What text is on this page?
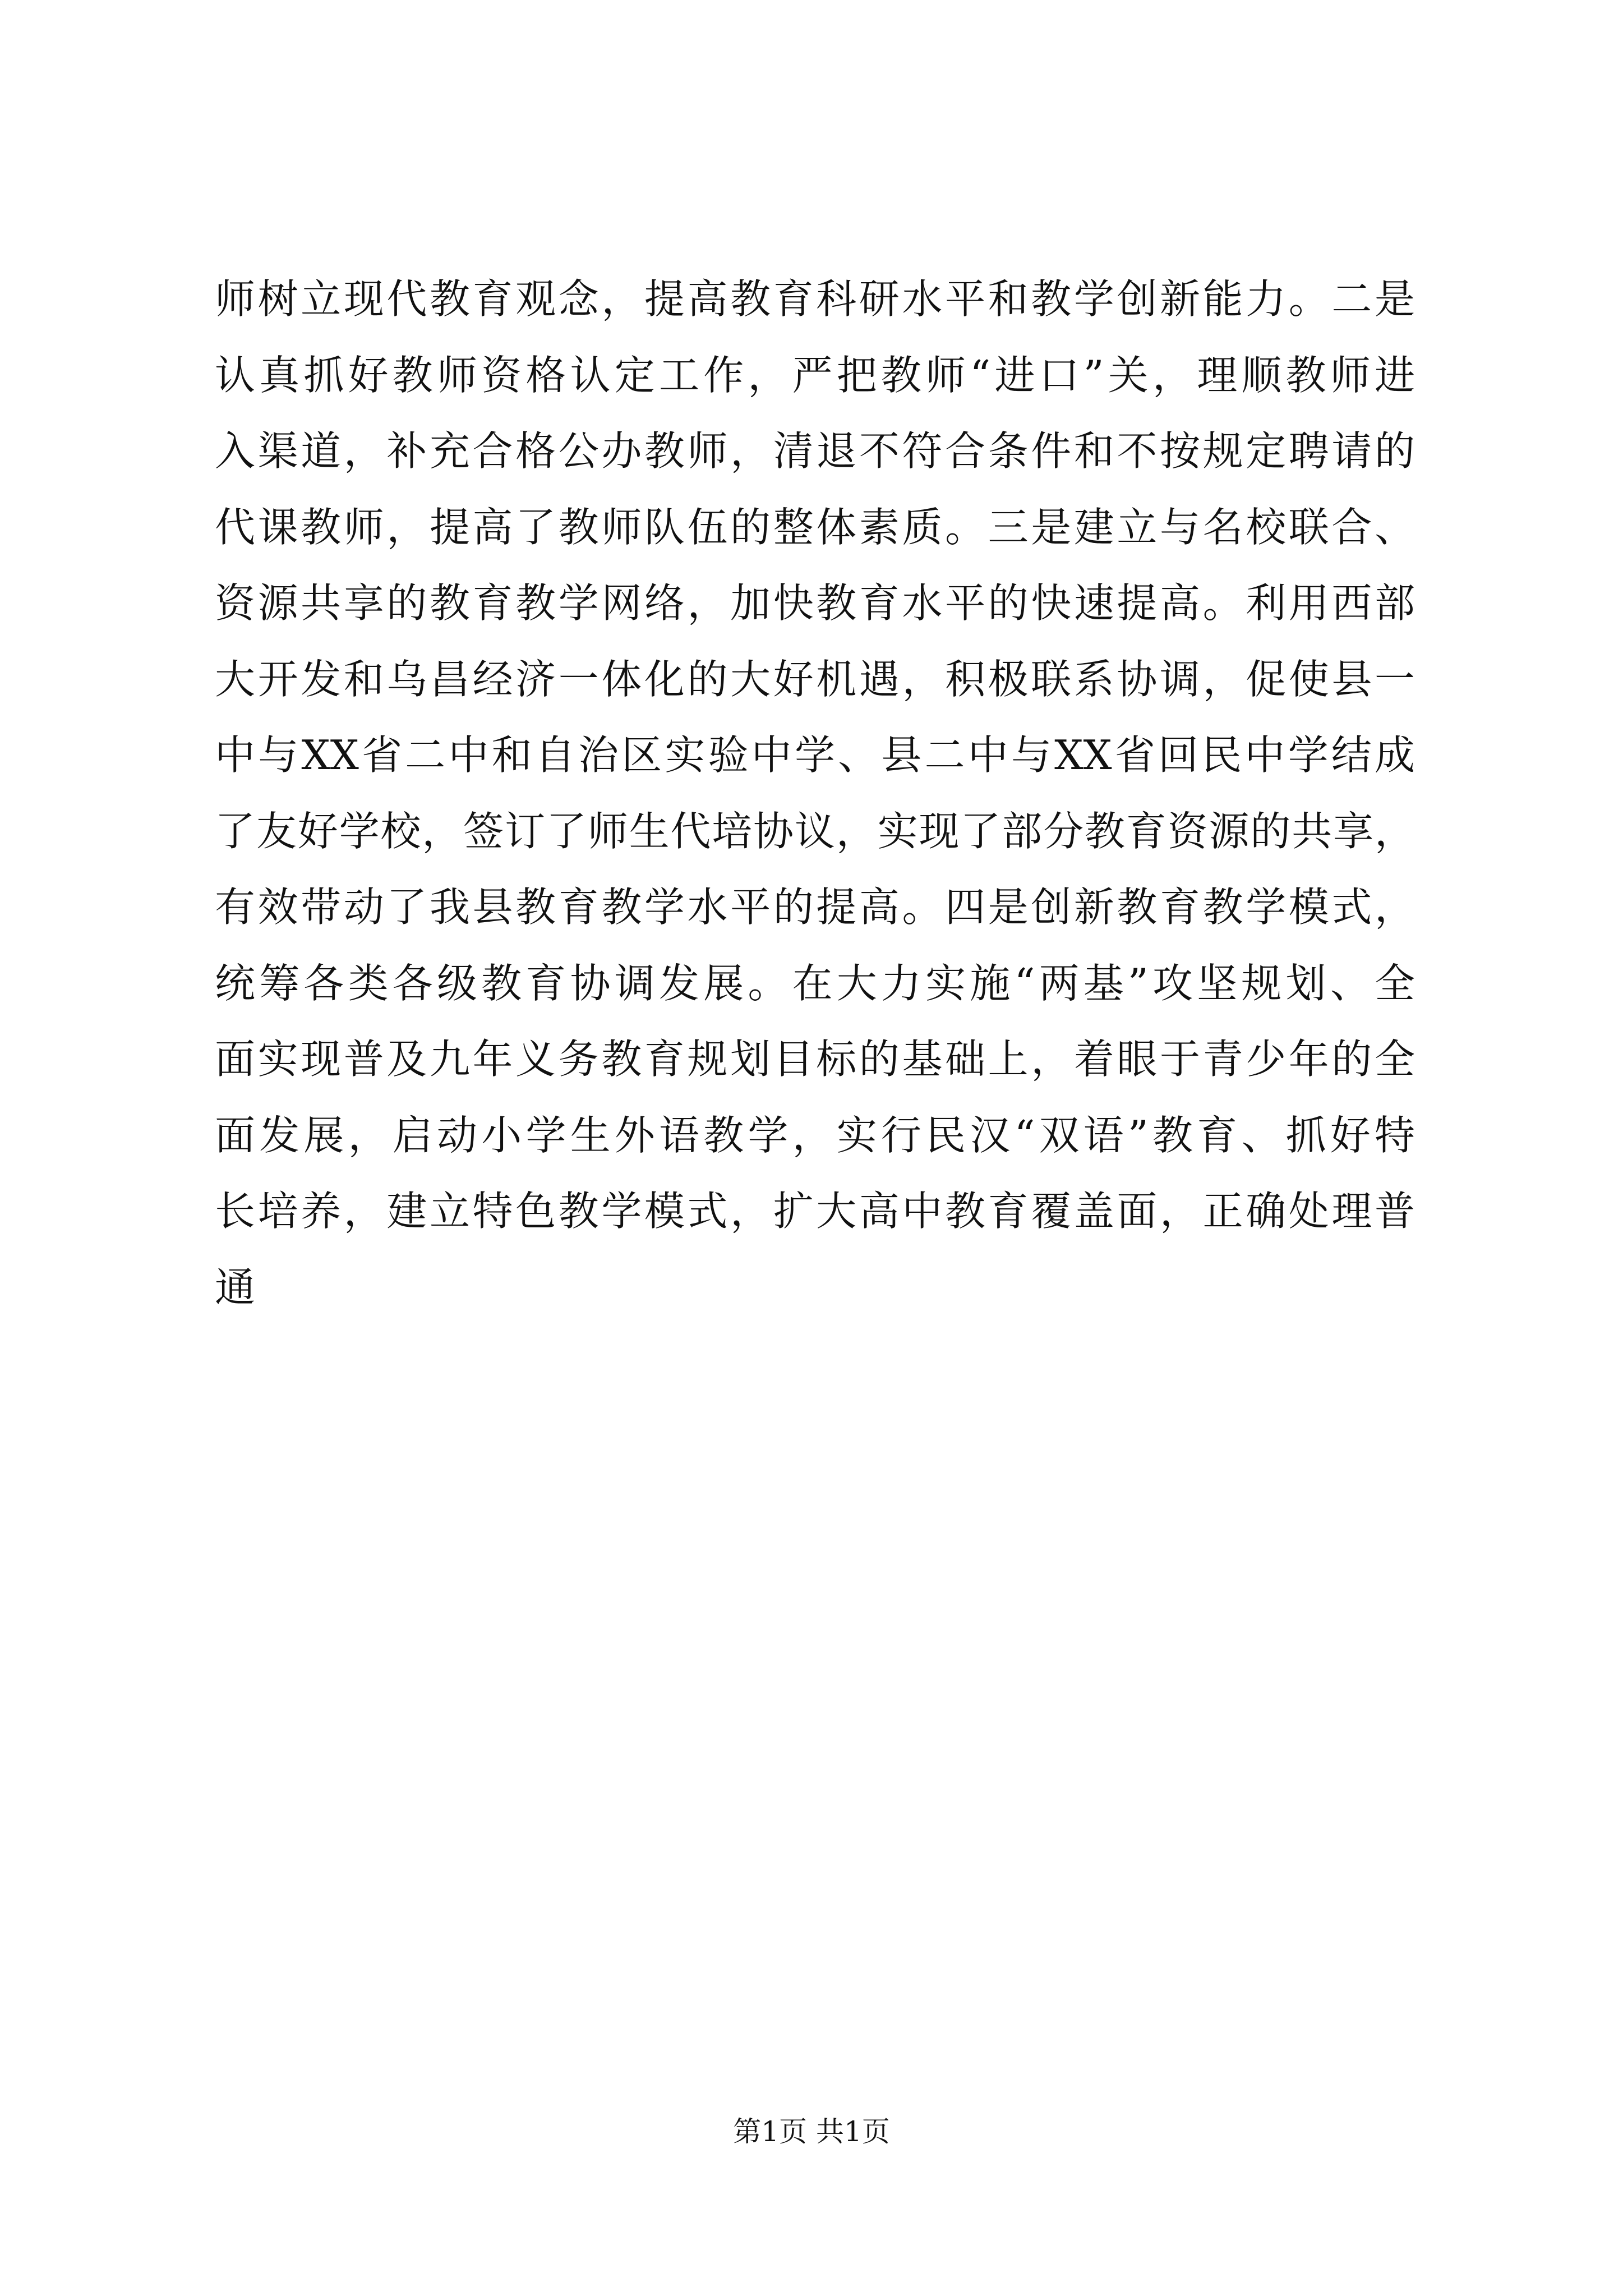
师树立现代教育观念，提高教育科研水平和教学创新能力。二是
认真抓好教师资格认定工作，严把教师“进口”关，理顺教师进
入渠道，补充合格公办教师，清退不符合条件和不按规定聘请的
代课教师，提高了教师队伍的整体素质。三是建立与名校联合、
资源共享的教育教学网络，加快教育水平的快速提高。利用西部
大开发和乌昌经济一体化的大好机遇，积极联系协调，促使县一
中与XX省二中和自治区实验中学、县二中与XX省回民中学结成
了友好学校，签订了师生代培协议，实现了部分教育资源的共享，
有效带动了我县教育教学水平的提高。四是创新教育教学模式，
统筹各类各级教育协调发展。在大力实施“两基”攻坚规划、全
面实现普及九年义务教育规划目标的基础上，着眼于青少年的全
面发展，启动小学生外语教学，实行民汉“双语”教育、抓好特
长培养，建立特色教学模式，扩大高中教育覆盖面，正确处理普
通
第1页 共1页
